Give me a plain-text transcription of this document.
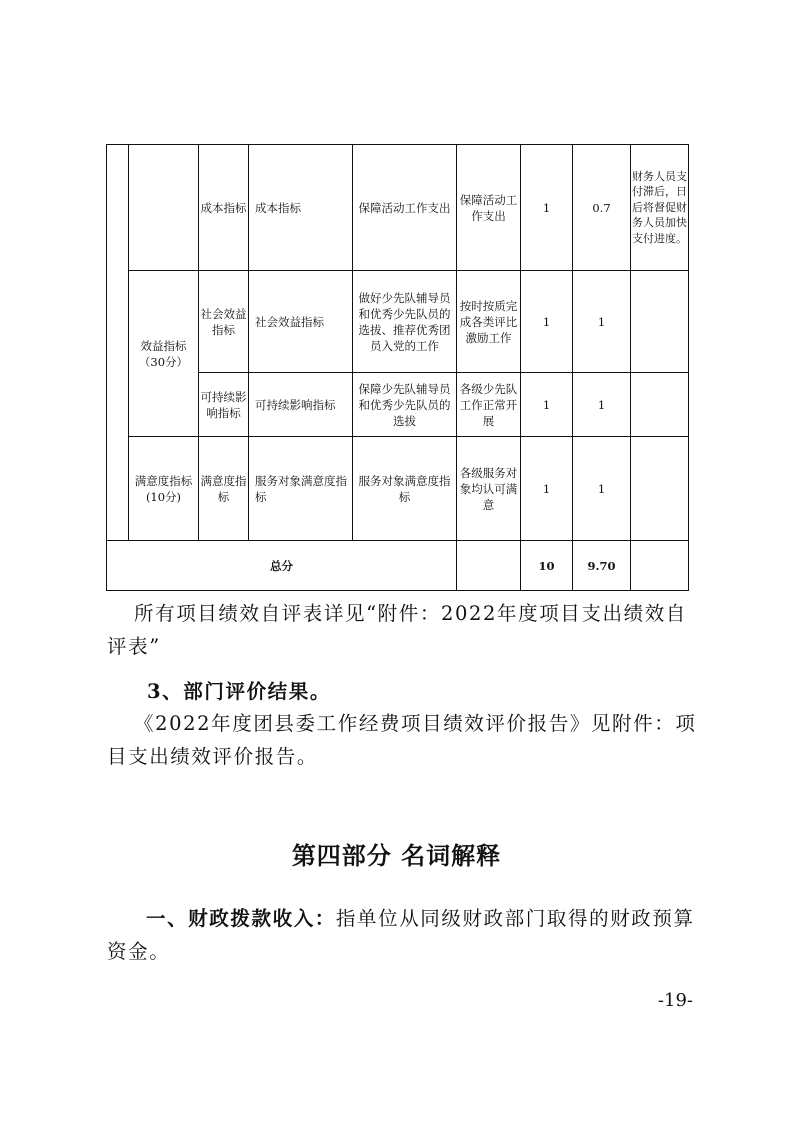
		成本指标	成本指标	保障活动工作支出	保障活动工作支出	1	0.7	财务人员支付滞后，日后将督促财务人员加快支付进度。
	效益指标（30分）	社会效益指标	社会效益指标	做好少先队辅导员和优秀少先队员的选拔、推荐优秀团员入党的工作	按时按质完成各类评比激励工作	1	1	
		可持续影响指标	可持续影响指标	保障少先队辅导员和优秀少先队员的选拔	各级少先队工作正常开展	1	1	
	满意度指标(10分)	满意度指标	服务对象满意度指标	服务对象满意度指标	各级服务对象均认可满意	1	1	
总分						10	9.70	
所有项目绩效自评表详见“附件：2022年度项目支出绩效自评表”
3、部门评价结果。
《2022年度团县委工作经费项目绩效评价报告》见附件：项目支出绩效评价报告。
第四部分 名词解释
一、财政拨款收入：指单位从同级财政部门取得的财政预算资金。
-19-
